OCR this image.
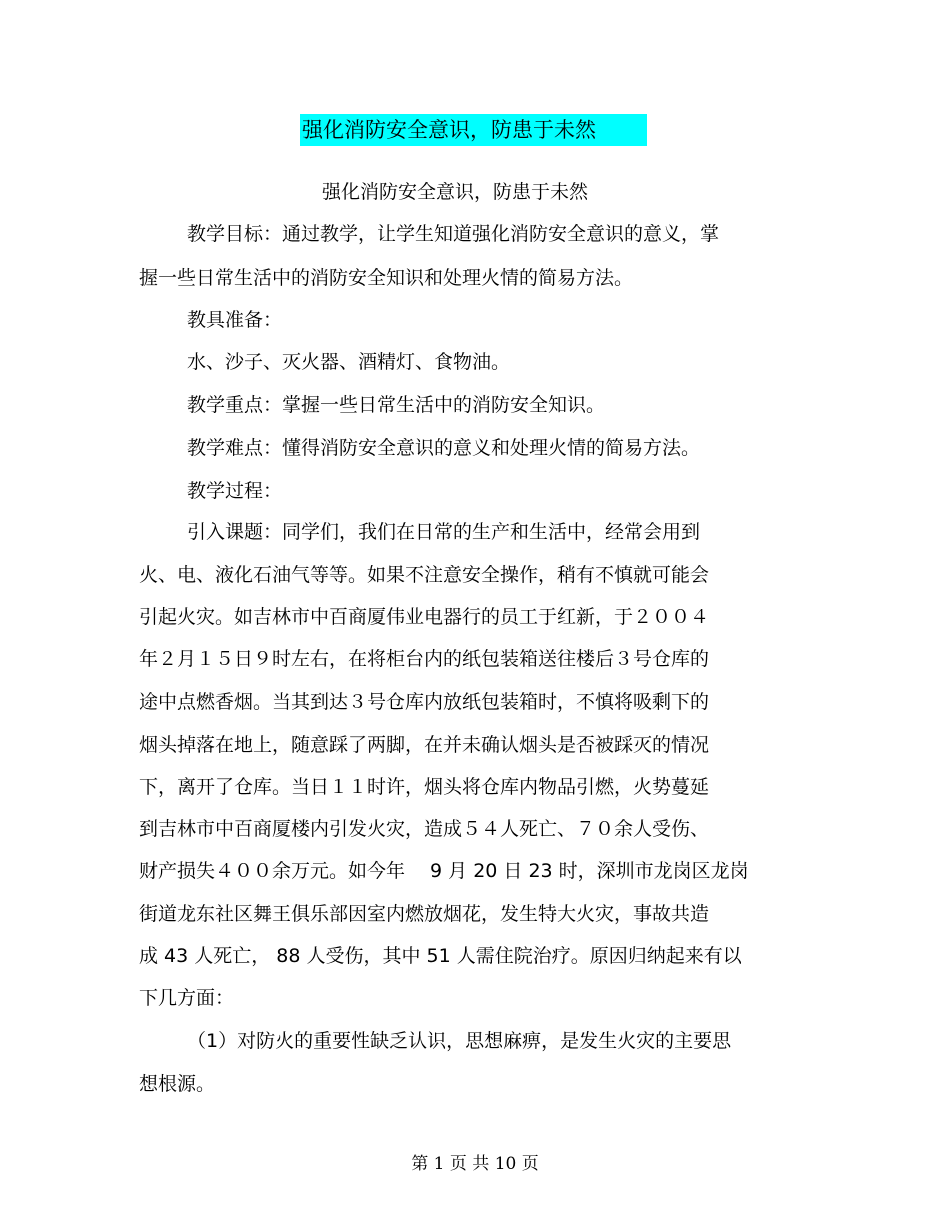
强化消防安全意识，防患于未然
强化消防安全意识，防患于未然
教学目标：通过教学，让学生知道强化消防安全意识的意义，掌
握一些日常生活中的消防安全知识和处理火情的简易方法。
教具准备：
水、沙子、灭火器、酒精灯、食物油。
教学重点：掌握一些日常生活中的消防安全知识。
教学难点：懂得消防安全意识的意义和处理火情的简易方法。
教学过程：
引入课题：同学们，我们在日常的生产和生活中，经常会用到
火、电、液化石油气等等。如果不注意安全操作，稍有不慎就可能会
引起火灾。如吉林市中百商厦伟业电器行的员工于红新，于２００４
年２月１５日９时左右，在将柜台内的纸包装箱送往楼后３号仓库的
途中点燃香烟。当其到达３号仓库内放纸包装箱时，不慎将吸剩下的
烟头掉落在地上，随意踩了两脚，在并未确认烟头是否被踩灭的情况
下，离开了仓库。当日１１时许，烟头将仓库内物品引燃，火势蔓延
到吉林市中百商厦楼内引发火灾，造成５４人死亡、７０余人受伤、
财产损失４００余万元。如今年　 9 月 20 日 23 时，深圳市龙岗区龙岗
街道龙东社区舞王俱乐部因室内燃放烟花，发生特大火灾，事故共造
成 43 人死亡， 88 人受伤，其中 51 人需住院治疗。原因归纳起来有以
下几方面：
（1）对防火的重要性缺乏认识，思想麻痹，是发生火灾的主要思
想根源。
第 1 页 共 10 页
